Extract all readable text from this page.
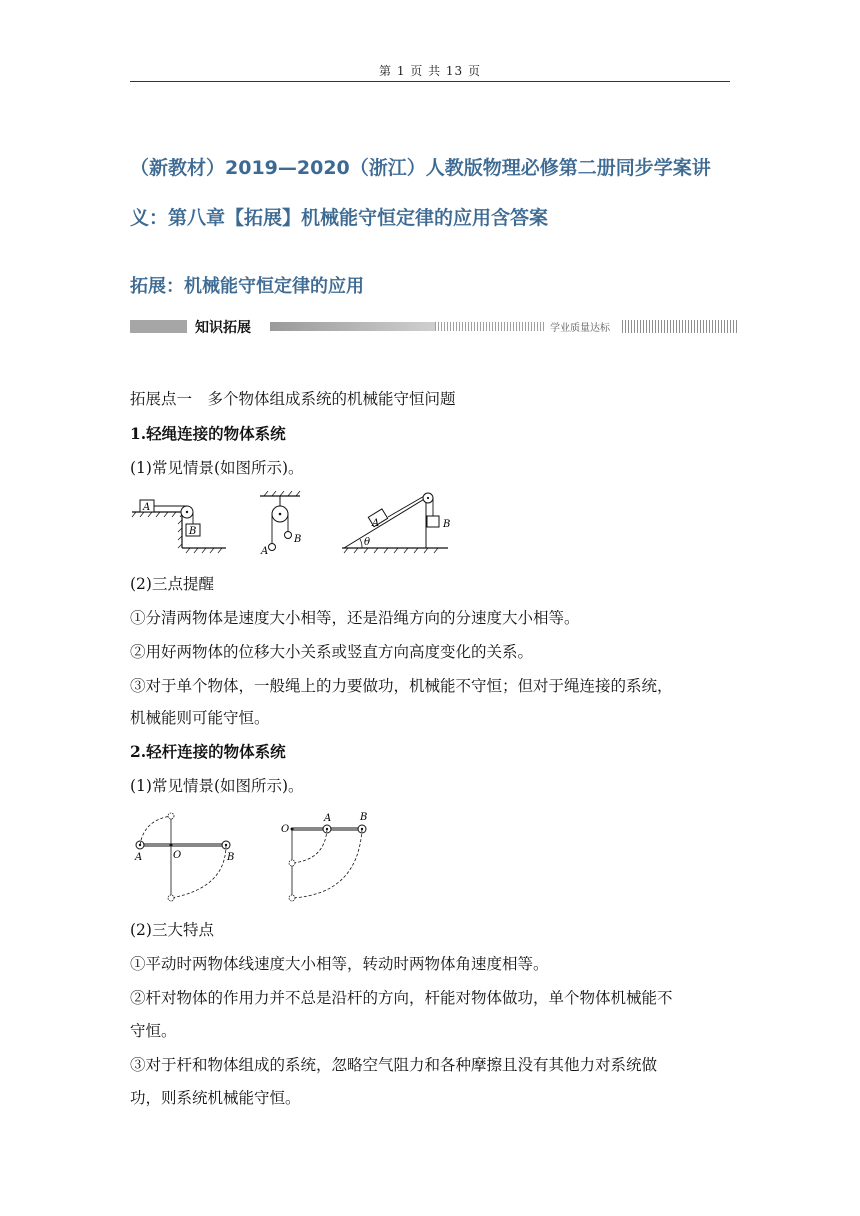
第 1 页 共 13 页
（新教材）2019—2020（浙江）人教版物理必修第二册同步学案讲
义：第八章【拓展】机械能守恒定律的应用含答案
拓展：机械能守恒定律的应用
知识拓展	学业质量达标
拓展点一　多个物体组成系统的机械能守恒问题
1.轻绳连接的物体系统
(1)常见情景(如图所示)。
A
B
A
B	θ
A	B
(2)三点提醒
①分清两物体是速度大小相等，还是沿绳方向的分速度大小相等。
②用好两物体的位移大小关系或竖直方向高度变化的关系。
③对于单个物体，一般绳上的力要做功，机械能不守恒；但对于绳连接的系统，
机械能则可能守恒。
2.轻杆连接的物体系统
(1)常见情景(如图所示)。
A	O	B
O
A	B
(2)三大特点
①平动时两物体线速度大小相等，转动时两物体角速度相等。
②杆对物体的作用力并不总是沿杆的方向，杆能对物体做功，单个物体机械能不
守恒。
③对于杆和物体组成的系统，忽略空气阻力和各种摩擦且没有其他力对系统做
功，则系统机械能守恒。
